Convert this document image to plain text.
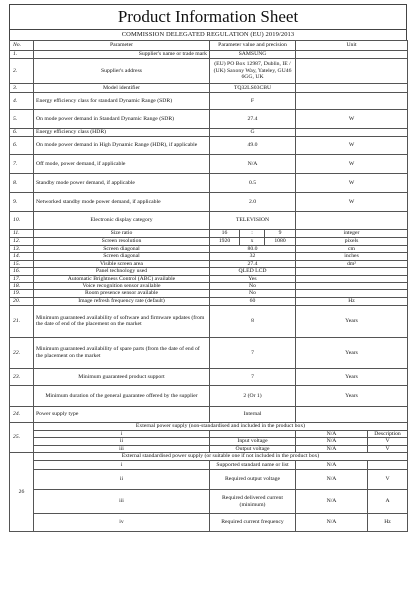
Product Information Sheet
COMMISSION DELEGATED REGULATION (EU) 2019/2013
No.	Parameter	Parameter value and precision			Unit	
1.	Supplier's name or trade mark	SAMSUNG				
2.	Supplier's address	(EU) PO Box 12987, Dublin, IE / (UK) Saxony Way, Yateley, GU46 6GG, UK				
3.	Model identifier	TQ32LS03CBU				
4.	Energy efficiency class for standard Dynamic Range (SDR)	F				
5.	On mode power demand in Standard Dynamic Range (SDR)	27.4			W	
6.	Energy efficiency class (HDR)	G				
6.	On mode power demand in High Dynamic Range (HDR), if applicable	49.0			W	
7.	Off mode, power demand, if applicable	N/A			W	
8.	Standby mode power demand, if applicable	0.5			W	
9.	Networked standby mode power demand, if applicable	2.0			W	
10.	Electronic display category	TELEVISION				
11.	Size ratio	16	:	9	integer	
12.	Screen resolution	1920	x	1080	pixels	
13.	Screen diagonal	80.0			cm	
14.	Screen diagonal	32			inches	
15.	Visible screen area	27.4			dm²	
16.	Panel technology used	QLED LCD				
17.	Automatic Brightness Control (ABC) available	Yes				
18.	Voice recognition sensor available	No				
19.	Room presence sensor available	No				
20.	Image refresh frequency rate (default)	60			Hz	
21.	Minimum guaranteed availability of software and firmware updates (from the date of end of the placement on the market	8			Years	
22.	Minimum guaranteed availability of spare parts (from the date of end of the placement on the market	7			Years	
23.	Minimum guaranteed product support	7			Years	
	Minimum duration of the general guarantee offered by the supplier	2 (Or 1)			Years	
24.	Power supply type	Internal				
25.	External power supply (non-standardised and included in the product box)					
	i				N/A	Description
	ii	Input voltage			N/A	V
	iii	Output voltage			N/A	V
26	External standardised power supply (or suitable one if not included in the product box)					
	i	Supported standard name or list			N/A	
	ii	Required output voltage			N/A	V
	iii	Required delivered current (minimum)			N/A	A
	iv	Required current frequency			N/A	Hz
